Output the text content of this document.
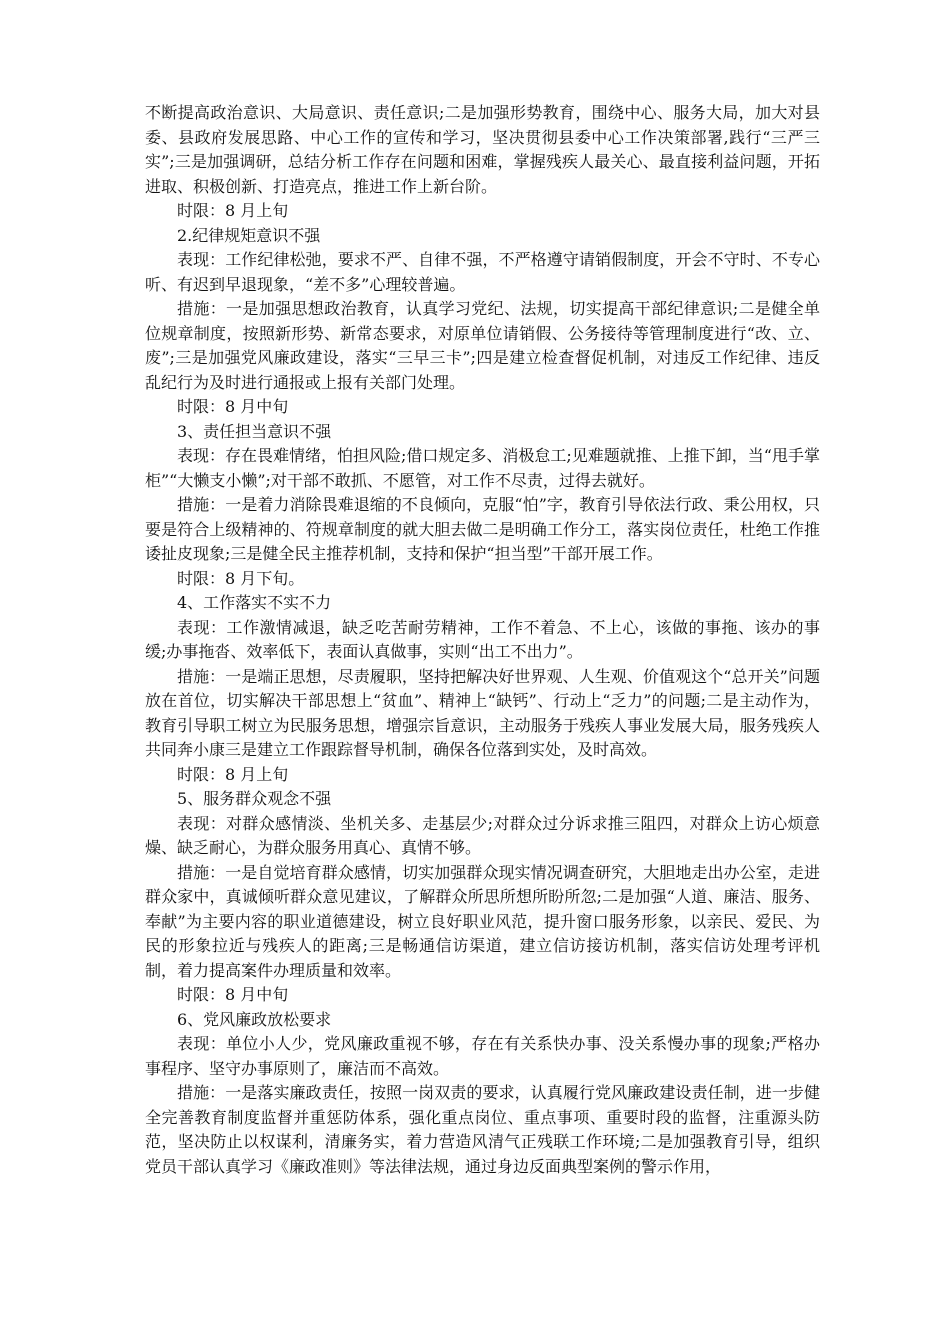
不断提高政治意识、大局意识、责任意识;二是加强形势教育，围绕中心、服务大局，加大对县委、县政府发展思路、中心工作的宣传和学习，坚决贯彻县委中心工作决策部署,践行“三严三实”;三是加强调研，总结分析工作存在问题和困难，掌握残疾人最关心、最直接利益问题，开拓进取、积极创新、打造亮点，推进工作上新台阶。

时限：8 月上旬

2.纪律规矩意识不强

表现：工作纪律松弛，要求不严、自律不强，不严格遵守请销假制度，开会不守时、不专心听、有迟到早退现象，“差不多”心理较普遍。

措施：一是加强思想政治教育，认真学习党纪、法规，切实提高干部纪律意识;二是健全单位规章制度，按照新形势、新常态要求，对原单位请销假、公务接待等管理制度进行“改、立、废”;三是加强党风廉政建设，落实“三早三卡”;四是建立检查督促机制，对违反工作纪律、违反乱纪行为及时进行通报或上报有关部门处理。

时限：8 月中旬

3、责任担当意识不强

表现：存在畏难情绪，怕担风险;借口规定多、消极怠工;见难题就推、上推下卸，当“甩手掌柜”“大懒支小懒”;对干部不敢抓、不愿管，对工作不尽责，过得去就好。

措施：一是着力消除畏难退缩的不良倾向，克服“怕”字，教育引导依法行政、秉公用权，只要是符合上级精神的、符规章制度的就大胆去做二是明确工作分工，落实岗位责任，杜绝工作推诿扯皮现象;三是健全民主推荐机制，支持和保护“担当型”干部开展工作。

时限：8 月下旬。

4、工作落实不实不力

表现：工作激情减退，缺乏吃苦耐劳精神，工作不着急、不上心，该做的事拖、该办的事缓;办事拖沓、效率低下，表面认真做事，实则“出工不出力”。

措施：一是端正思想，尽责履职，坚持把解决好世界观、人生观、价值观这个“总开关”问题放在首位，切实解决干部思想上“贫血”、精神上“缺钙”、行动上“乏力”的问题;二是主动作为，教育引导职工树立为民服务思想，增强宗旨意识，主动服务于残疾人事业发展大局，服务残疾人共同奔小康三是建立工作跟踪督导机制，确保各位落到实处，及时高效。

时限：8 月上旬

5、服务群众观念不强

表现：对群众感情淡、坐机关多、走基层少;对群众过分诉求推三阻四，对群众上访心烦意燥、缺乏耐心，为群众服务用真心、真情不够。

措施：一是自觉培育群众感情，切实加强群众现实情况调查研究，大胆地走出办公室，走进群众家中，真诚倾听群众意见建议，了解群众所思所想所盼所忽;二是加强“人道、廉洁、服务、奉献”为主要内容的职业道德建设，树立良好职业风范，提升窗口服务形象，以亲民、爱民、为民的形象拉近与残疾人的距离;三是畅通信访渠道，建立信访接访机制，落实信访处理考评机制，着力提高案件办理质量和效率。

时限：8 月中旬

6、党风廉政放松要求

表现：单位小人少，党风廉政重视不够，存在有关系快办事、没关系慢办事的现象;严格办事程序、坚守办事原则了，廉洁而不高效。

措施：一是落实廉政责任，按照一岗双责的要求，认真履行党风廉政建设责任制，进一步健全完善教育制度监督并重惩防体系，强化重点岗位、重点事项、重要时段的监督，注重源头防范，坚决防止以权谋利，清廉务实，着力营造风清气正残联工作环境;二是加强教育引导，组织党员干部认真学习《廉政准则》等法律法规，通过身边反面典型案例的警示作用，
